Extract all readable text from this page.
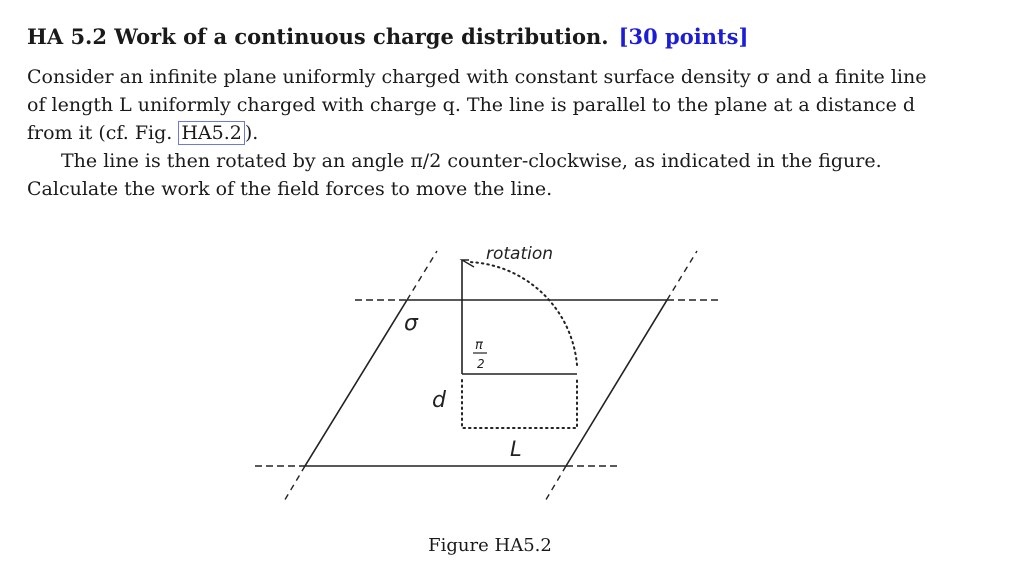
HA 5.2 Work of a continuous charge distribution. [30 points]
Consider an infinite plane uniformly charged with constant surface density σ and a finite line
of length L uniformly charged with charge q. The line is parallel to the plane at a distance d
from it (cf. Fig. HA5.2 ).
The line is then rotated by an angle π/2 counter-clockwise, as indicated in the figure.
Calculate the work of the field forces to move the line.
σ
rotation
π
2
d
L
Figure HA5.2
